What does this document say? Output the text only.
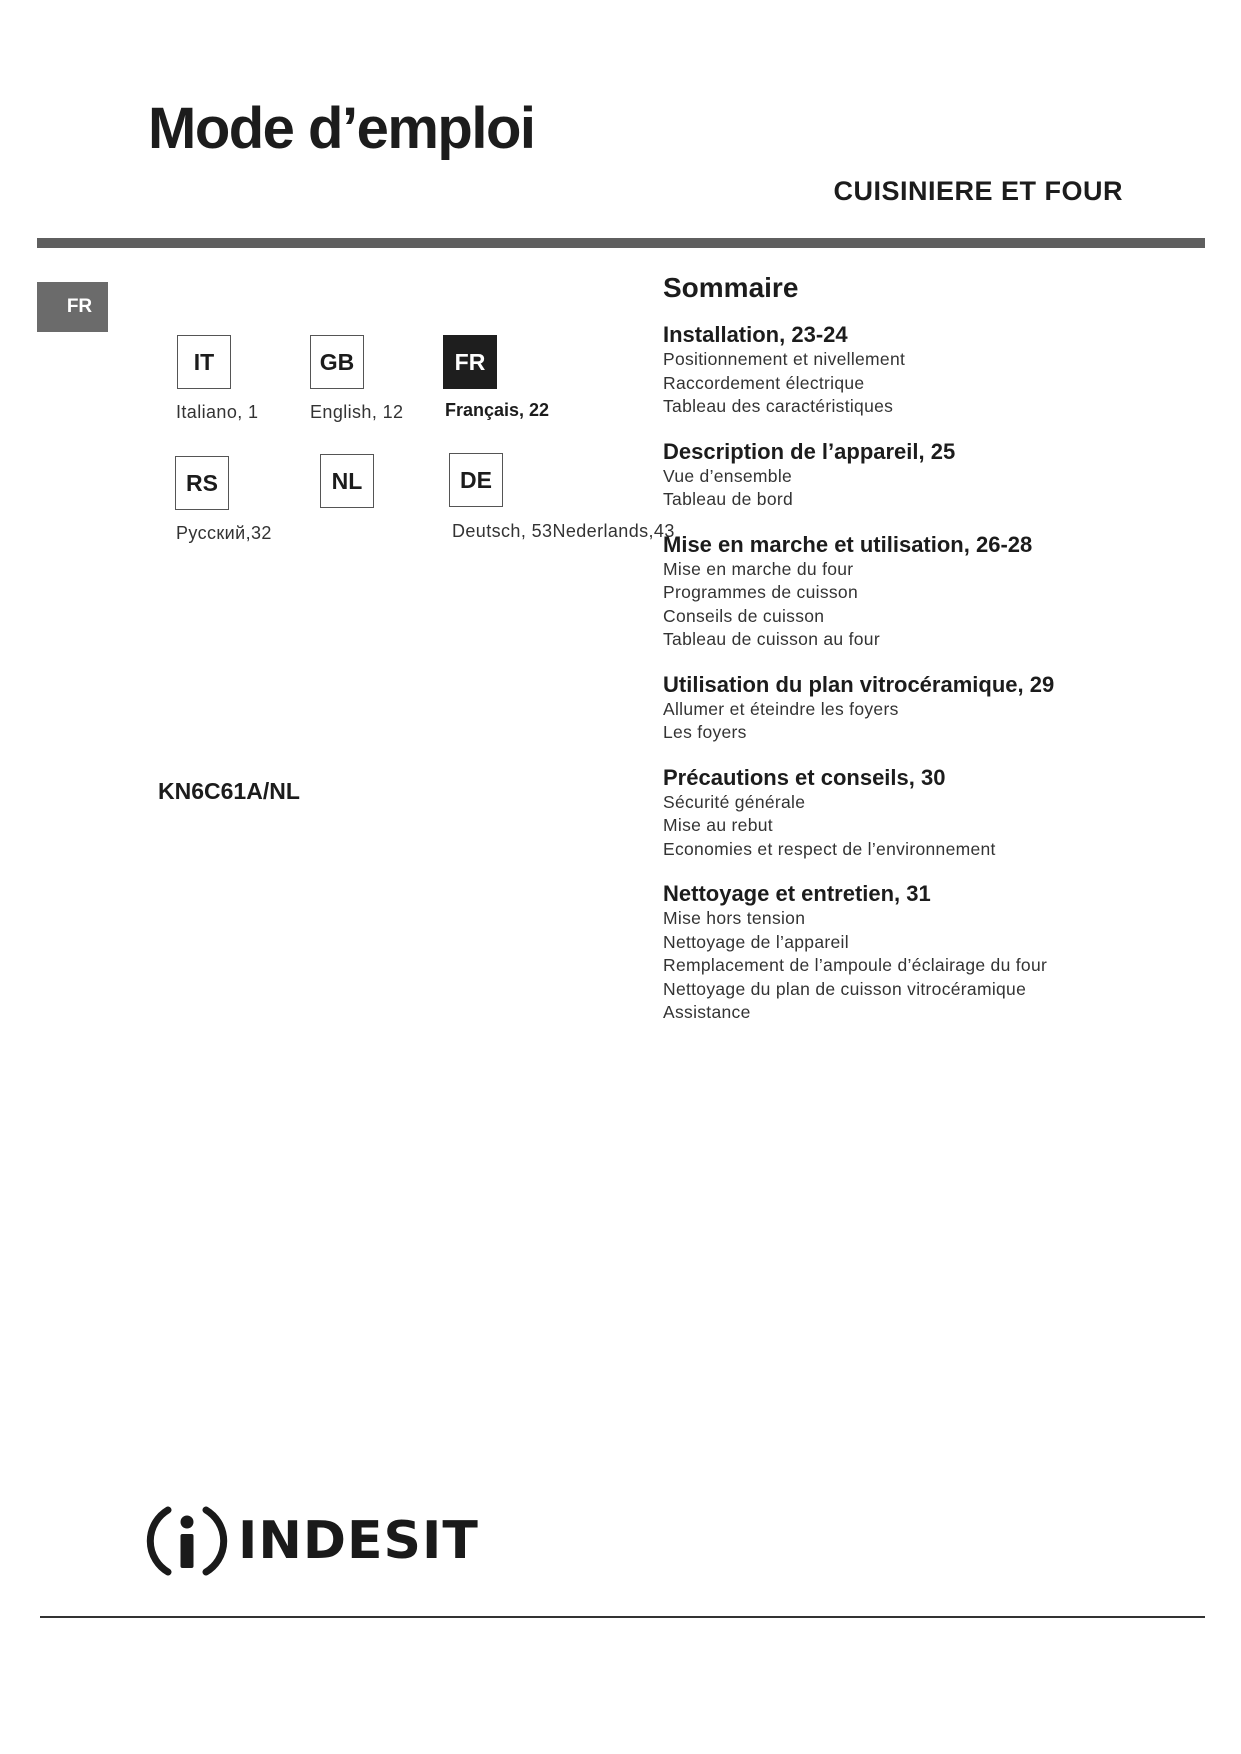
Mode d’emploi
CUISINIERE ET FOUR
FR
IT
Italiano, 1
GB
English, 12
FR
Français, 22
RS
Русский,32
NL	DE
Deutsch, 53Nederlands,43
KN6C61A/NL
Sommaire
Installation, 23-24
Positionnement et nivellement
Raccordement électrique
Tableau des caractéristiques
Description de l’appareil, 25
Vue d’ensemble
Tableau de bord
Mise en marche et utilisation, 26-28
Mise en marche du four
Programmes de cuisson
Conseils de cuisson
Tableau de cuisson au four
Utilisation du plan vitrocéramique, 29
Allumer et éteindre les foyers
Les foyers
Précautions et conseils, 30
Sécurité générale
Mise au rebut
Economies et respect de l’environnement
Nettoyage et entretien, 31
Mise hors tension
Nettoyage de l’appareil
Remplacement de l’ampoule d’éclairage du four
Nettoyage du plan de cuisson vitrocéramique
Assistance
INDESIT
